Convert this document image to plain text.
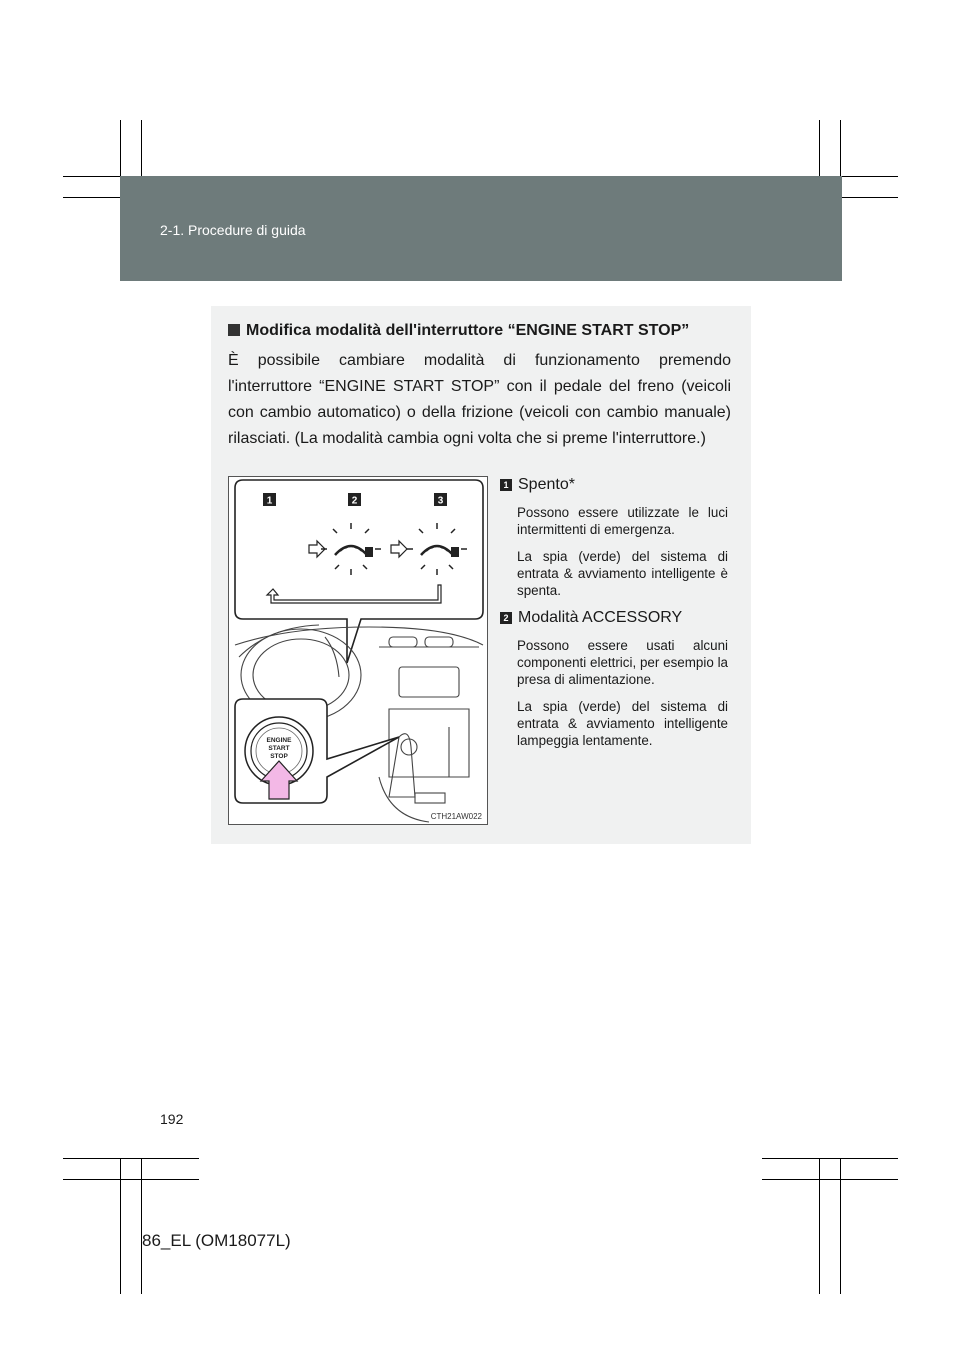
2-1. Procedure di guida
Modifica modalità dell'interruttore “ENGINE START STOP”
È possibile cambiare modalità di funzionamento premendo l'interruttore “ENGINE START STOP” con il pedale del freno (veicoli con cambio automatico) o della frizione (veicoli con cambio manuale) rilasciati. (La modalità cambia ogni volta che si preme l'interruttore.)
1	2	3
ENGINE
START
STOP
CTH21AW022
1 Spento*
Possono essere utilizzate le luci intermittenti di emergenza.
La spia (verde) del sistema di entrata & avviamento intelligente è spenta.
2 Modalità ACCESSORY
Possono essere usati alcuni componenti elettrici, per esempio la presa di alimentazione.
La spia (verde) del sistema di entrata & avviamento intelligente lampeggia lentamente.
192
86_EL (OM18077L)
